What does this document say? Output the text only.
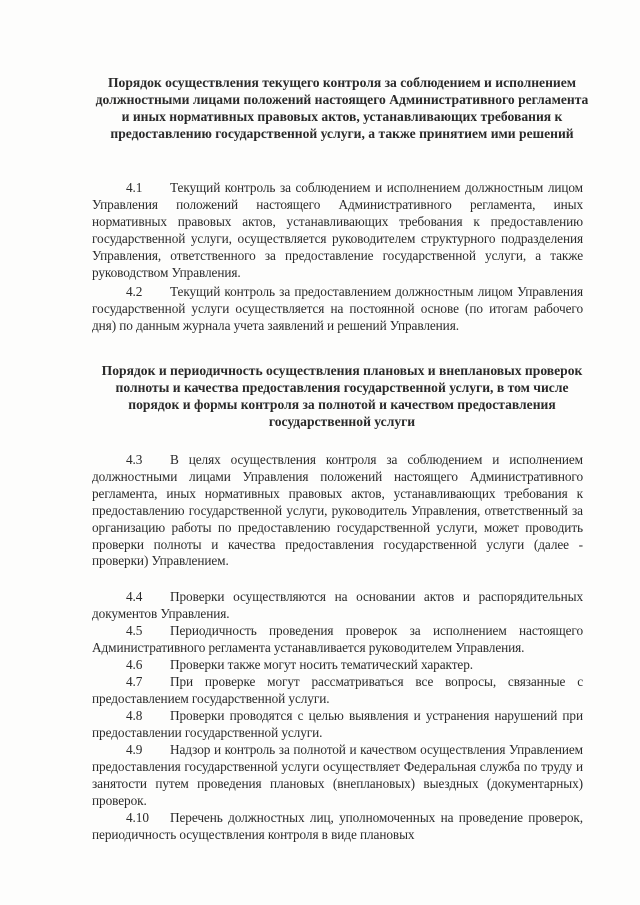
Порядок осуществления текущего контроля за соблюдением и исполнением должностными лицами положений настоящего Административного регламента и иных нормативных правовых актов, устанавливающих требования к предоставлению государственной услуги, а также принятием ими решений

4.1 Текущий контроль за соблюдением и исполнением должностным лицом Управления положений настоящего Административного регламента, иных нормативных правовых актов, устанавливающих требования к предоставлению государственной услуги, осуществляется руководителем структурного подразделения Управления, ответственного за предоставление государственной услуги, а также руководством Управления.

4.2 Текущий контроль за предоставлением должностным лицом Управления государственной услуги осуществляется на постоянной основе (по итогам рабочего дня) по данным журнала учета заявлений и решений Управления.

Порядок и периодичность осуществления плановых и внеплановых проверок полноты и качества предоставления государственной услуги, в том числе порядок и формы контроля за полнотой и качеством предоставления государственной услуги

4.3 В целях осуществления контроля за соблюдением и исполнением должностными лицами Управления положений настоящего Административного регламента, иных нормативных правовых актов, устанавливающих требования к предоставлению государственной услуги, руководитель Управления, ответственный за организацию работы по предоставлению государственной услуги, может проводить проверки полноты и качества предоставления государственной услуги (далее - проверки) Управлением.

4.4 Проверки осуществляются на основании актов и распорядительных документов Управления.

4.5 Периодичность проведения проверок за исполнением настоящего Административного регламента устанавливается руководителем Управления.

4.6 Проверки также могут носить тематический характер.

4.7 При проверке могут рассматриваться все вопросы, связанные с предоставлением государственной услуги.

4.8 Проверки проводятся с целью выявления и устранения нарушений при предоставлении государственной услуги.

4.9 Надзор и контроль за полнотой и качеством осуществления Управлением предоставления государственной услуги осуществляет Федеральная служба по труду и занятости путем проведения плановых (внеплановых) выездных (документарных) проверок.

4.10 Перечень должностных лиц, уполномоченных на проведение проверок, периодичность осуществления контроля в виде плановых
